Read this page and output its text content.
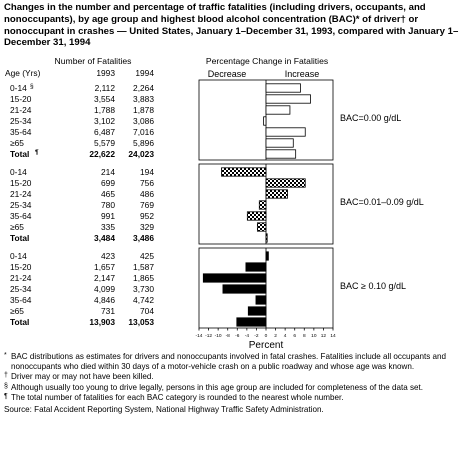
Changes in the number and percentage of traffic fatalities (including drivers, occupants, and nonoccupants), by age group and highest blood alcohol concentration (BAC)* of driver† or nonoccupant in crashes — United States, January 1–December 31, 1993, compared with January 1–December 31, 1994

Number of Fatalities
Age (Yrs)	1993 1994
Percentage Change in Fatalities
Decrease	Increase
BAC=0.00 g/dL
0-14 §	2,112 2,264
15-20	3,554 3,883
21-24	1,788 1,878
25-34	3,102 3,086
35-64	6,487 7,016
≥65	5,579 5,896
Total ¶	22,622 24,023
BAC=0.01–0.09 g/dL
0-14	214	194
15-20	699	756
21-24	465	486
25-34	780	769
35-64	991	952
≥65	335	329
Total	3,484 3,486
BAC ≥ 0.10 g/dL
0-14	423	425
15-20	1,657 1,587
21-24	2,147 1,865
25-34	4,099 3,730
35-64	4,846 4,742
≥65	731	704
Total	13,903 13,053
-14 -12 -10 -8 -6 -4 -2 0 2 4 6 8 10 12 14
Percent
* BAC distributions as estimates for drivers and nonoccupants involved in fatal crashes. Fatalities include all occupants and nonoccupants who died within 30 days of a motor-vehicle crash on a public roadway and whose age was known.
† Driver may or may not have been killed.
§ Although usually too young to drive legally, persons in this age group are included for completeness of the data set.
¶ The total number of fatalities for each BAC category is rounded to the nearest whole number.
Source: Fatal Accident Reporting System, National Highway Traffic Safety Administration.
